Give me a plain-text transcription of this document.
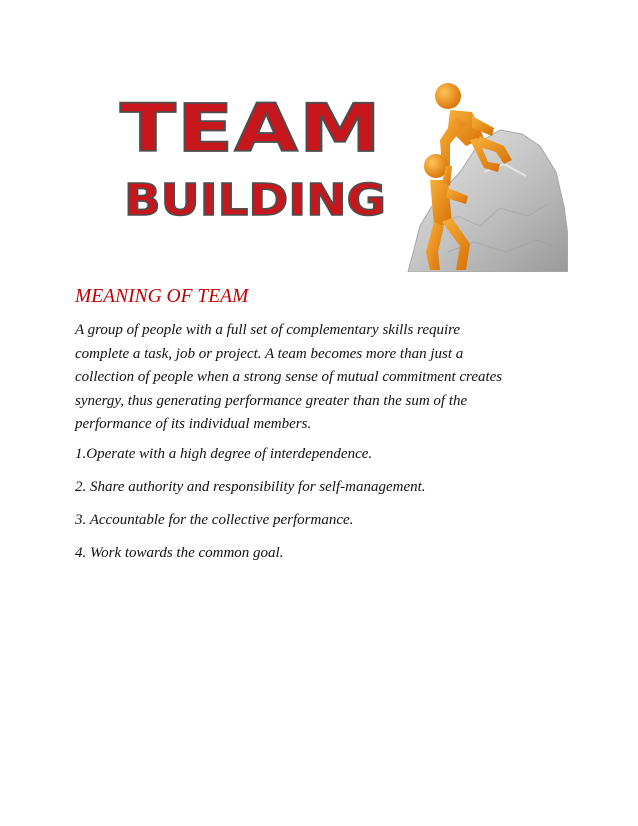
TEAM
BUILDING
MEANING OF TEAM

A group of people with a full set of complementary skills require
complete a task, job or project. A team becomes more than just a
collection of people when a strong sense of mutual commitment creates
synergy, thus generating performance greater than the sum of the
performance of its individual members.

1.Operate with a high degree of interdependence.

2. Share authority and responsibility for self-management.

3. Accountable for the collective performance.

4. Work towards the common goal.
